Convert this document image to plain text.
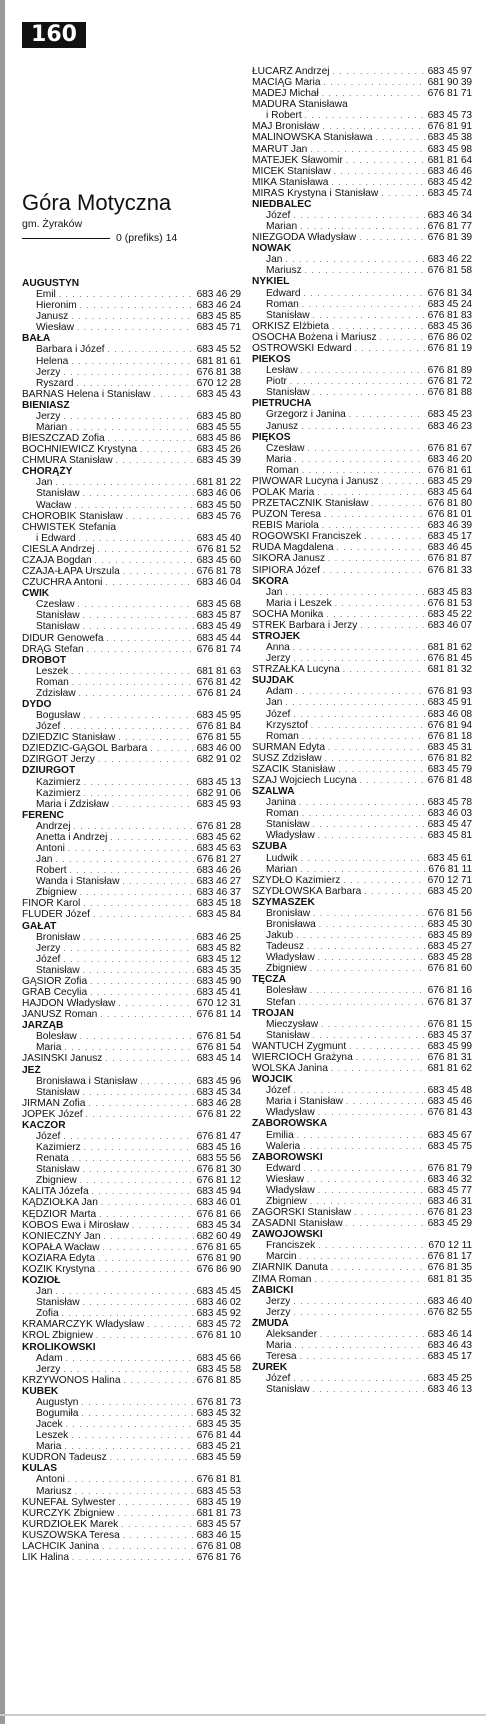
160
Góra Motyczna
gm. Żyraków
0 (prefiks) 14
AUGUSTYN
Emil . . .	683 46 29
Hieronim . . .	683 46 24
Janusz . . .	683 45 85
Wiesław . . .	683 45 71
BAŁA
Barbara i Józef . . .	683 45 52
Helena . . .	681 81 61
Jerzy . . .	676 81 38
Ryszard . . .	670 12 28
BARNAŚ Helena i Stanisław . . .	683 45 43
BIENIASZ
Jerzy . . .	683 45 80
Marian . . .	683 45 55
BIESZCZAD Zofia . . .	683 45 86
BOCHNIEWICZ Krystyna . . .	683 45 26
CHMURA Stanisław . . .	683 45 39
CHORĄŻY
Jan . . .	681 81 22
Stanisław . . .	683 46 06
Wacław . . .	683 45 50
CHOROBIK Stanisław . . .	683 45 76
CHWISTEK Stefania
i Edward . . .	683 45 40
CIEŚLA Andrzej . . .	676 81 52
CZAJA Bogdan . . .	683 45 60
CZAJA-ŁAPA Urszula . . .	676 81 78
CZUCHRA Antoni . . .	683 46 04
ĆWIK
Czesław . . .	683 45 68
Stanisław . . .	683 45 87
Stanisław . . .	683 45 49
DIDUR Genowefa . . .	683 45 44
DRĄG Stefan . . .	676 81 74
DROBOT
Leszek . . .	681 81 63
Roman . . .	676 81 42
Zdzisław . . .	676 81 24
DYDO
Bogusław . . .	683 45 95
Józef . . .	676 81 84
DZIEDZIC Stanisław . . .	676 81 55
DZIEDZIC-GĄGOL Barbara . . .	683 46 00
DZIRGOT Jerzy . . .	682 91 02
DZIURGOT
Kazimierz . . .	683 45 13
Kazimierz . . .	682 91 06
Maria i Zdzisław . . .	683 45 93
FERENC
Andrzej . . .	676 81 28
Anetta i Andrzej . . .	683 45 62
Antoni . . .	683 45 63
Jan . . .	676 81 27
Robert . . .	683 46 26
Wanda i Stanisław . . .	683 46 27
Zbigniew . . .	683 46 37
FINOR Karol . . .	683 45 18
FLUDER Józef . . .	683 45 84
GAŁAT
Bronisław . . .	683 46 25
Jerzy . . .	683 45 82
Józef . . .	683 45 12
Stanisław . . .	683 45 35
GĄSIOR Zofia . . .	683 45 90
GRAB Cecylia . . .	683 45 41
HAJDON Władysław . . .	670 12 31
JANUSZ Roman . . .	676 81 14
JARZĄB
Bolesław . . .	676 81 54
Maria . . .	676 81 54
JASIŃSKI Janusz . . .	683 45 14
JEŻ
Bronisława i Stanisław . . .	683 45 96
Stanisław . . .	683 45 34
JIRMAN Zofia . . .	683 46 28
JOPEK Józef . . .	676 81 22
KACZOR
Józef . . .	676 81 47
Kazimierz . . .	683 45 16
Renata . . .	683 55 56
Stanisław . . .	676 81 30
Zbigniew . . .	676 81 12
KALITA Józefa . . .	683 45 94
KĄDZIOŁKA Jan . . .	683 46 01
KĘDZIOR Marta . . .	676 81 66
KOBOS Ewa i Mirosław . . .	683 45 34
KONIECZNY Jan . . .	682 60 49
KOPAŁA Wacław . . .	676 81 65
KOZIARA Edyta . . .	676 81 90
KOZIK Krystyna . . .	676 86 90
KOZIOŁ
Jan . . .	683 45 45
Stanisław . . .	683 46 02
Zofia . . .	683 45 92
KRAMARCZYK Władysław . . .	683 45 72
KRÓL Zbigniew . . .	676 81 10
KRÓLIKOWSKI
Adam . . .	683 45 66
Jerzy . . .	683 45 58
KRZYWONOS Halina . . .	676 81 85
KUBEK
Augustyn . . .	676 81 73
Bogumiła . . .	683 45 32
Jacek . . .	683 45 35
Leszek . . .	676 81 44
Maria . . .	683 45 21
KUDROŃ Tadeusz . . .	683 45 59
KULAS
Antoni . . .	676 81 81
Mariusz . . .	683 45 53
KUNEFAŁ Sylwester . . .	683 45 19
KURCZYK Zbigniew . . .	681 81 73
KURDZIOŁEK Marek . . .	683 45 57
KUSZOWSKA Teresa . . .	683 46 15
LACHCIK Janina . . .	676 81 08
LIK Halina . . .	676 81 76
ŁUCARZ Andrzej . . .	683 45 97
MACIĄG Maria . . .	681 90 39
MADEJ Michał . . .	676 81 71
MADURA Stanisława
i Robert . . .	683 45 73
MAJ Bronisław . . .	676 81 91
MALINOWSKA Stanisława . . .	683 45 38
MARUT Jan . . .	683 45 98
MATEJEK Sławomir . . .	681 81 64
MICEK Stanisław . . .	683 46 46
MIKA Stanisława . . .	683 45 42
MIRAS Krystyna i Stanisław . . .	683 45 74
NIEDBALEC
Józef . . .	683 46 34
Marian . . .	676 81 77
NIEZGODA Władysław . . .	676 81 39
NOWAK
Jan . . .	683 46 22
Mariusz . . .	676 81 58
NYKIEL
Edward . . .	676 81 34
Roman . . .	683 45 24
Stanisław . . .	676 81 83
ORKISZ Elżbieta . . .	683 45 36
OSOCHA Bożena i Mariusz . . .	676 86 02
OSTROWSKI Edward . . .	676 81 19
PIEKOŚ
Lesław . . .	676 81 89
Piotr . . .	676 81 72
Stanisław . . .	676 81 88
PIETRUCHA
Grzegorz i Janina . . .	683 45 23
Janusz . . .	683 46 23
PIĘKOŚ
Czesław . . .	676 81 67
Maria . . .	683 46 20
Roman . . .	676 81 61
PIWOWAR Lucyna i Janusz . . .	683 45 29
POLAK Maria . . .	683 45 64
PRZETACZNIK Stanisław . . .	676 81 80
PUZON Teresa . . .	676 81 01
REBIŚ Mariola . . .	683 46 39
ROGOWSKI Franciszek . . .	683 45 17
RUDA Magdalena . . .	683 46 45
SIKORA Janusz . . .	676 81 87
SIPIORA Józef . . .	676 81 33
SKÓRA
Jan . . .	683 45 83
Maria i Leszek . . .	676 81 53
SOCHA Monika . . .	683 45 22
STREK Barbara i Jerzy . . .	683 46 07
STROJEK
Anna . . .	681 81 62
Jerzy . . .	676 81 45
STRZAŁKA Lucyna . . .	681 81 32
SUJDAK
Adam . . .	676 81 93
Jan . . .	683 45 91
Józef . . .	683 46 08
Krzysztof . . .	676 81 94
Roman . . .	676 81 18
SURMAN Edyta . . .	683 45 31
SUSZ Zdzisław . . .	676 81 82
SZACIK Stanisław . . .	683 45 79
SZAJ Wojciech Lucyna . . .	676 81 48
SZALWA
Janina . . .	683 45 78
Roman . . .	683 46 03
Stanisław . . .	683 45 47
Władysław . . .	683 45 81
SZUBA
Ludwik . . .	683 45 61
Marian . . .	676 81 11
SZYDŁO Kazimierz . . .	670 12 71
SZYDŁOWSKA Barbara . . .	683 45 20
SZYMASZEK
Bronisław . . .	676 81 56
Bronisława . . .	683 45 30
Jakub . . .	683 45 89
Tadeusz . . .	683 45 27
Władysław . . .	683 45 28
Zbigniew . . .	676 81 60
TĘCZA
Bolesław . . .	676 81 16
Stefan . . .	676 81 37
TROJAN
Mieczysław . . .	676 81 15
Stanisław . . .	683 45 37
WANTUCH Zygmunt . . .	683 45 99
WIERCIOCH Grażyna . . .	676 81 31
WOLSKA Janina . . .	681 81 62
WÓJCIK
Józef . . .	683 45 48
Maria i Stanisław . . .	683 45 46
Władysław . . .	676 81 43
ZABOROWSKA
Emilia . . .	683 45 67
Waleria . . .	683 45 75
ZABOROWSKI
Edward . . .	676 81 79
Wiesław . . .	683 46 32
Władysław . . .	683 45 77
Zbigniew . . .	683 46 31
ZAGÓRSKI Stanisław . . .	676 81 23
ZASADNI Stanisław . . .	683 45 29
ZAWOJOWSKI
Franciszek . . .	670 12 11
Marcin . . .	676 81 17
ZIARNIK Danuta . . .	676 81 35
ZIMA Roman . . .	681 81 35
ŻABICKI
Jerzy . . .	683 46 40
Jerzy . . .	676 82 55
ŻMUDA
Aleksander . . .	683 46 14
Maria . . .	683 46 43
Teresa . . .	683 45 17
ŻUREK
Józef . . .	683 45 25
Stanisław . . .	683 46 13
